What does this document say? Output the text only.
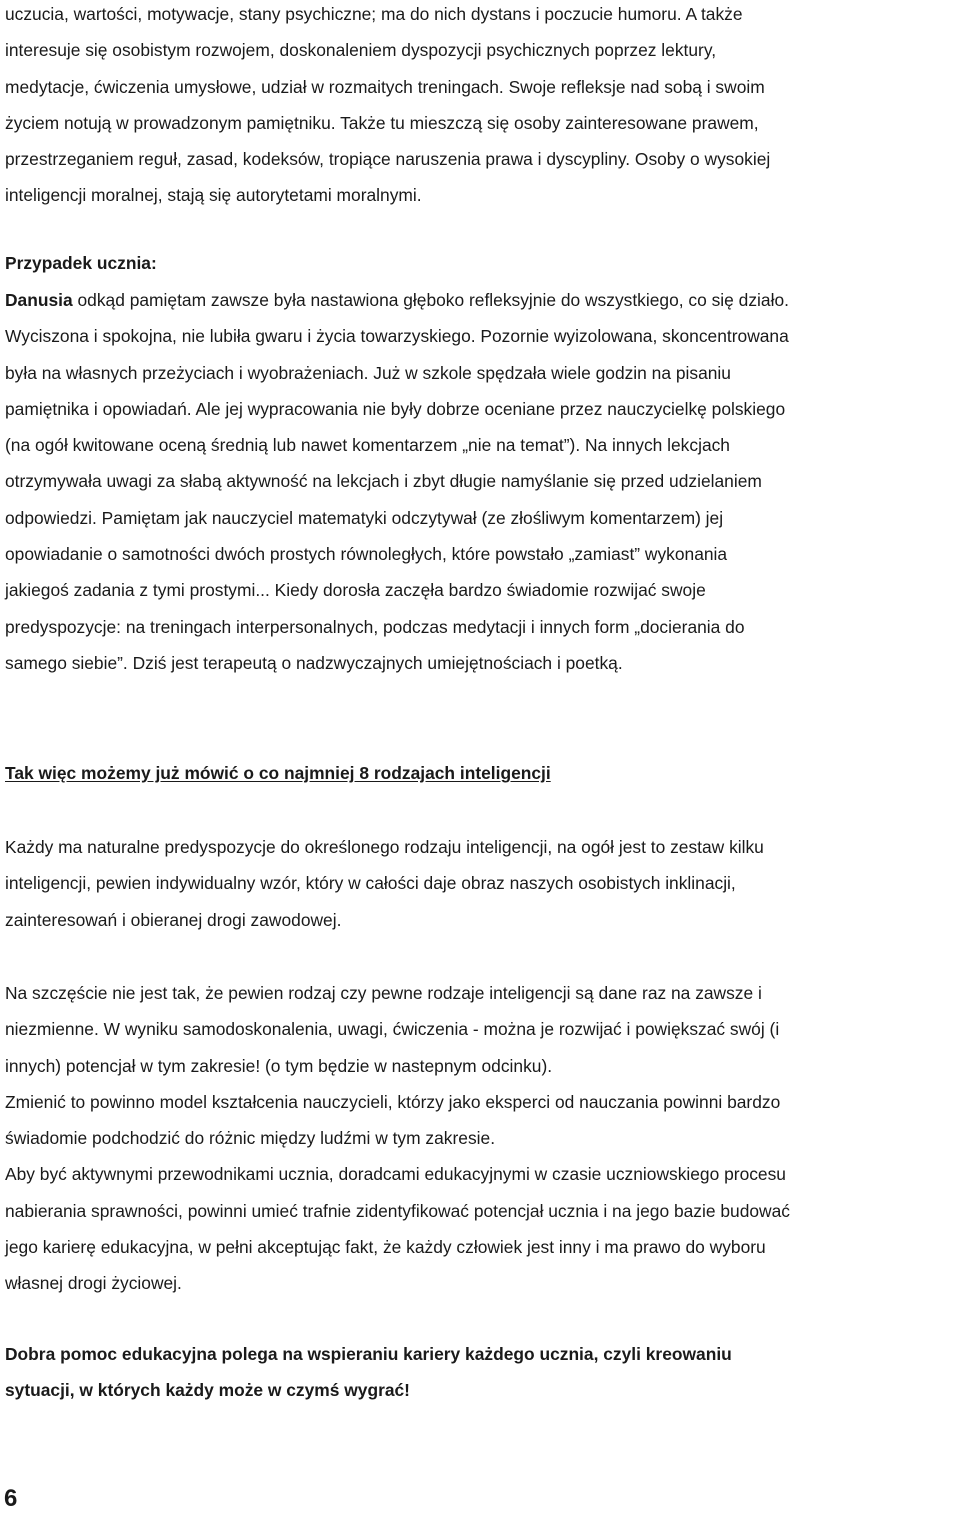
uczucia, wartości, motywacje, stany psychiczne; ma do nich dystans i poczucie humoru. A także
interesuje się osobistym rozwojem, doskonaleniem dyspozycji psychicznych poprzez lektury,
medytacje, ćwiczenia umysłowe, udział w rozmaitych treningach. Swoje refleksje nad sobą i swoim
życiem notują w prowadzonym pamiętniku. Także tu mieszczą się osoby zainteresowane prawem,
przestrzeganiem reguł, zasad, kodeksów, tropiące naruszenia prawa i dyscypliny. Osoby o wysokiej
inteligencji moralnej, stają się autorytetami moralnymi.
Przypadek ucznia:
Danusia odkąd pamiętam zawsze była nastawiona głęboko refleksyjnie do wszystkiego, co się działo.
Wyciszona i spokojna, nie lubiła gwaru i życia towarzyskiego. Pozornie wyizolowana, skoncentrowana
była na własnych przeżyciach i wyobrażeniach. Już w szkole spędzała wiele godzin na pisaniu
pamiętnika i opowiadań. Ale jej wypracowania nie były dobrze oceniane przez nauczycielkę polskiego
(na ogół kwitowane oceną średnią lub nawet komentarzem „nie na temat”). Na innych lekcjach
otrzymywała uwagi za słabą aktywność na lekcjach i zbyt długie namyślanie się przed udzielaniem
odpowiedzi. Pamiętam jak nauczyciel matematyki odczytywał (ze złośliwym komentarzem) jej
opowiadanie o samotności dwóch prostych równoległych, które powstało „zamiast” wykonania
jakiegoś zadania z tymi prostymi... Kiedy dorosła zaczęła bardzo świadomie rozwijać swoje
predyspozycje: na treningach interpersonalnych, podczas medytacji i innych form „docierania do
samego siebie”. Dziś jest terapeutą o nadzwyczajnych umiejętnościach i poetką.
Tak więc możemy już mówić o co najmniej 8 rodzajach inteligencji
Każdy ma naturalne predyspozycje do określonego rodzaju inteligencji, na ogół jest to zestaw kilku
inteligencji, pewien indywidualny wzór, który w całości daje obraz naszych osobistych inklinacji,
zainteresowań i obieranej drogi zawodowej.
Na szczęście nie jest tak, że pewien rodzaj czy pewne rodzaje inteligencji są dane raz na zawsze i
niezmienne. W wyniku samodoskonalenia, uwagi, ćwiczenia - można je rozwijać i powiększać swój (i
innych) potencjał w tym zakresie! (o tym będzie w nastepnym odcinku).
Zmienić to powinno model kształcenia nauczycieli, którzy jako eksperci od nauczania powinni bardzo
świadomie podchodzić do różnic między ludźmi w tym zakresie.
Aby być aktywnymi przewodnikami ucznia, doradcami edukacyjnymi w czasie uczniowskiego procesu
nabierania sprawności, powinni umieć trafnie zidentyfikować potencjał ucznia i na jego bazie budować
jego karierę edukacyjna, w pełni akceptując fakt, że każdy człowiek jest inny i ma prawo do wyboru
własnej drogi życiowej.
Dobra pomoc edukacyjna polega na wspieraniu kariery każdego ucznia, czyli kreowaniu
sytuacji, w których każdy może w czymś wygrać!
6
